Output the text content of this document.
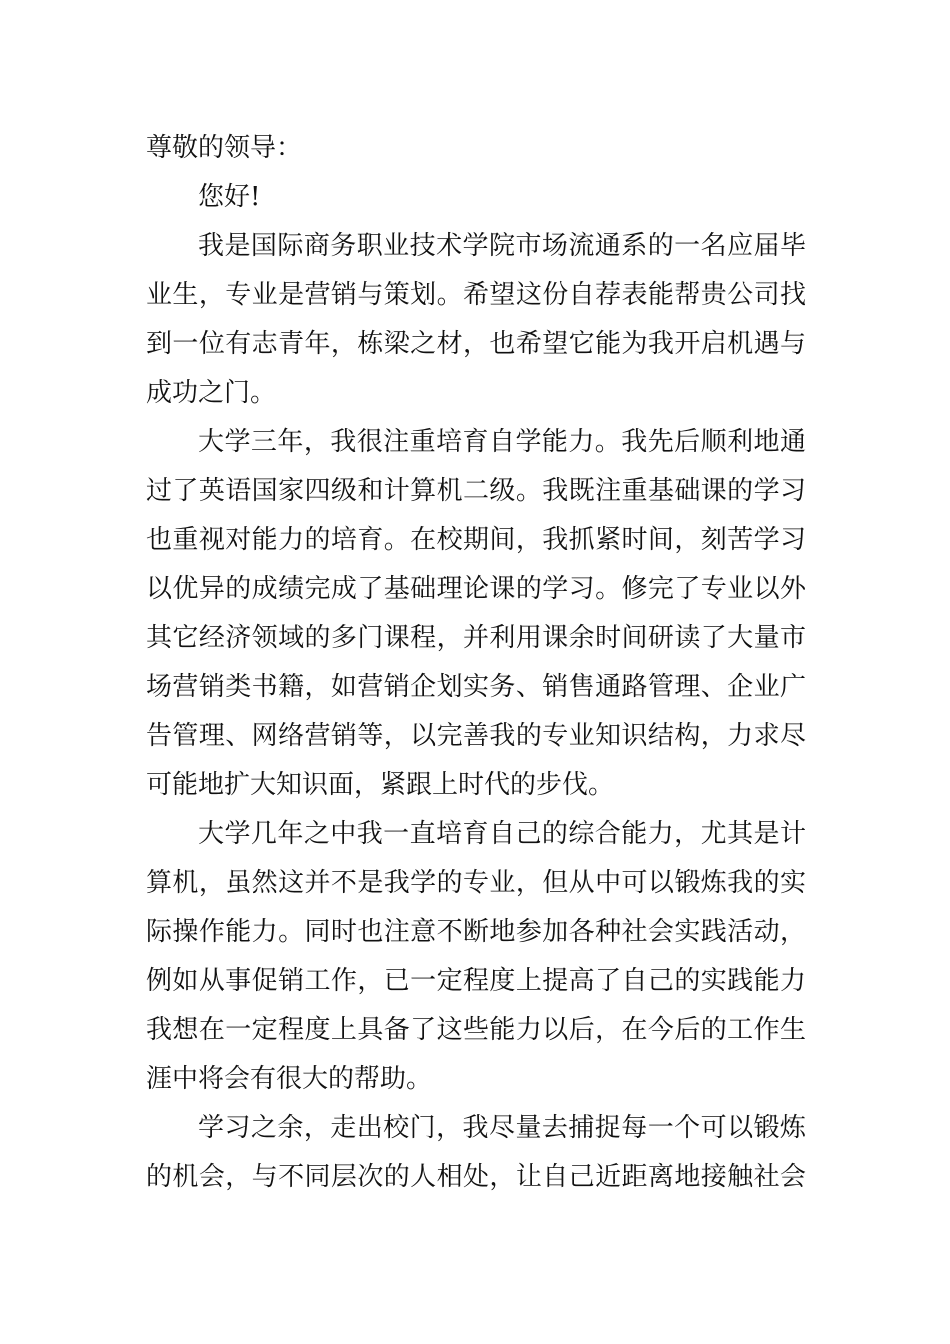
尊敬的领导：
您好!
我是国际商务职业技术学院市场流通系的一名应届毕
业生，专业是营销与策划。希望这份自荐表能帮贵公司找
到一位有志青年，栋梁之材，也希望它能为我开启机遇与
成功之门。
大学三年，我很注重培育自学能力。我先后顺利地通
过了英语国家四级和计算机二级。我既注重基础课的学习
也重视对能力的培育。在校期间，我抓紧时间，刻苦学习
以优异的成绩完成了基础理论课的学习。修完了专业以外
其它经济领域的多门课程，并利用课余时间研读了大量市
场营销类书籍，如营销企划实务、销售通路管理、企业广
告管理、网络营销等，以完善我的专业知识结构，力求尽
可能地扩大知识面，紧跟上时代的步伐。
大学几年之中我一直培育自己的综合能力，尤其是计
算机，虽然这并不是我学的专业，但从中可以锻炼我的实
际操作能力。同时也注意不断地参加各种社会实践活动，
例如从事促销工作，已一定程度上提高了自己的实践能力
我想在一定程度上具备了这些能力以后，在今后的工作生
涯中将会有很大的帮助。
学习之余，走出校门，我尽量去捕捉每一个可以锻炼
的机会，与不同层次的人相处，让自己近距离地接触社会
